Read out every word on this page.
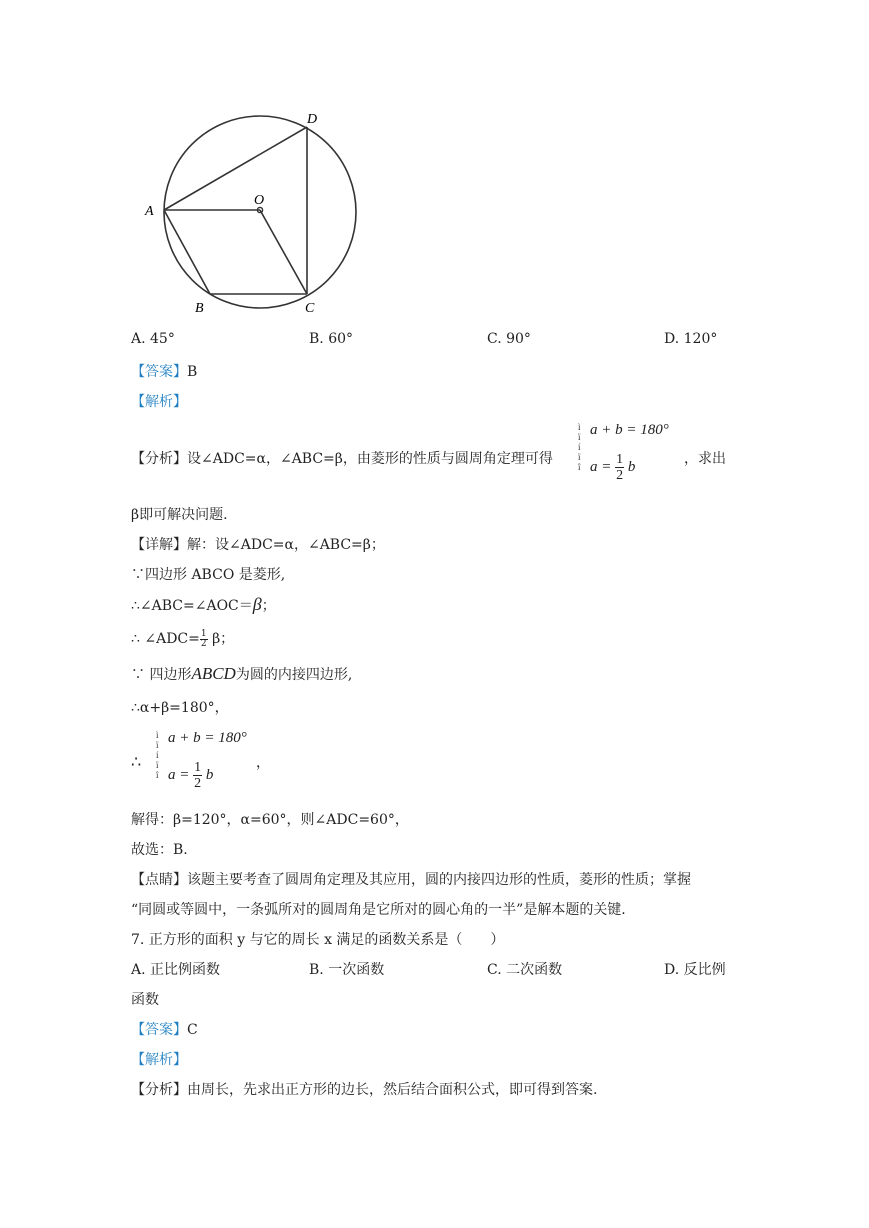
D
O
A
B	C
A. 45°	B. 60°	C. 90°	D. 120°
【答案】B
【解析】
【分析】设∠ADC=α，∠ABC=β，由菱形的性质与圆周角定理可得
ì
ï
í
ï
î
a + b = 180°
$a = \frac{1}{2}$ b	，求出
β即可解决问题.
【详解】解：设∠ADC=α，∠ABC=β；
∵四边形 ABCO 是菱形,
∴∠ABC=∠AOC＝β；
∴ ∠ADC= $\frac{1}{2}$ β；
∵ 四边形ABCD为圆的内接四边形,
∴α+β=180°，
∴
ì
ï
í
ï
î
a + b = 180°
$a = \frac{1}{2}$ b
，
解得：β=120°，α=60°，则∠ADC=60°，
故选：B.
【点睛】该题主要考查了圆周角定理及其应用，圆的内接四边形的性质，菱形的性质；掌握
“同圆或等圆中，一条弧所对的圆周角是它所对的圆心角的一半”是解本题的关键.
7. 正方形的面积 y 与它的周长 x 满足的函数关系是（　　）
A. 正比例函数	B. 一次函数	C. 二次函数	D. 反比例
函数
【答案】C
【解析】
【分析】由周长，先求出正方形的边长，然后结合面积公式，即可得到答案.
